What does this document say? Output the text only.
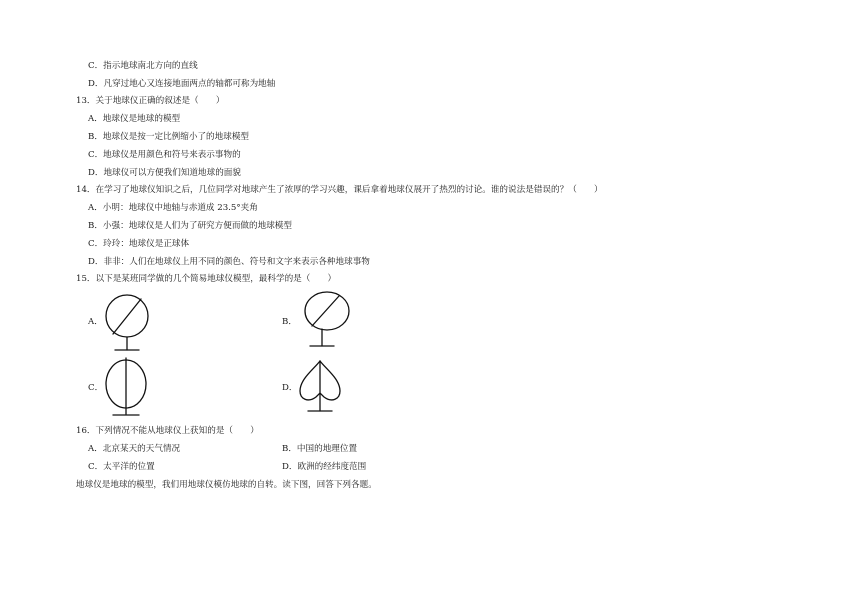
C．指示地球南北方向的直线
D．凡穿过地心又连接地面两点的轴都可称为地轴
13．关于地球仪正确的叙述是（　　）
A．地球仪是地球的模型
B．地球仪是按一定比例缩小了的地球模型
C．地球仪是用颜色和符号来表示事物的
D．地球仪可以方便我们知道地球的面貌
14．在学习了地球仪知识之后，几位同学对地球产生了浓厚的学习兴趣，课后拿着地球仪展开了热烈的讨论。谁的说法是错误的？（　　）
A．小明：地球仪中地轴与赤道成 23.5°夹角
B．小强：地球仪是人们为了研究方便而做的地球模型
C．玲玲：地球仪是正球体
D．非非：人们在地球仪上用不同的颜色、符号和文字来表示各种地球事物
15．以下是某班同学做的几个简易地球仪模型，最科学的是（　　）
A．	B．
C．	D．
16．下列情况不能从地球仪上获知的是（　　）
A．北京某天的天气情况	B．中国的地理位置
C．太平洋的位置	D．欧洲的经纬度范围
地球仪是地球的模型，我们用地球仪模仿地球的自转。读下图，回答下列各题。
